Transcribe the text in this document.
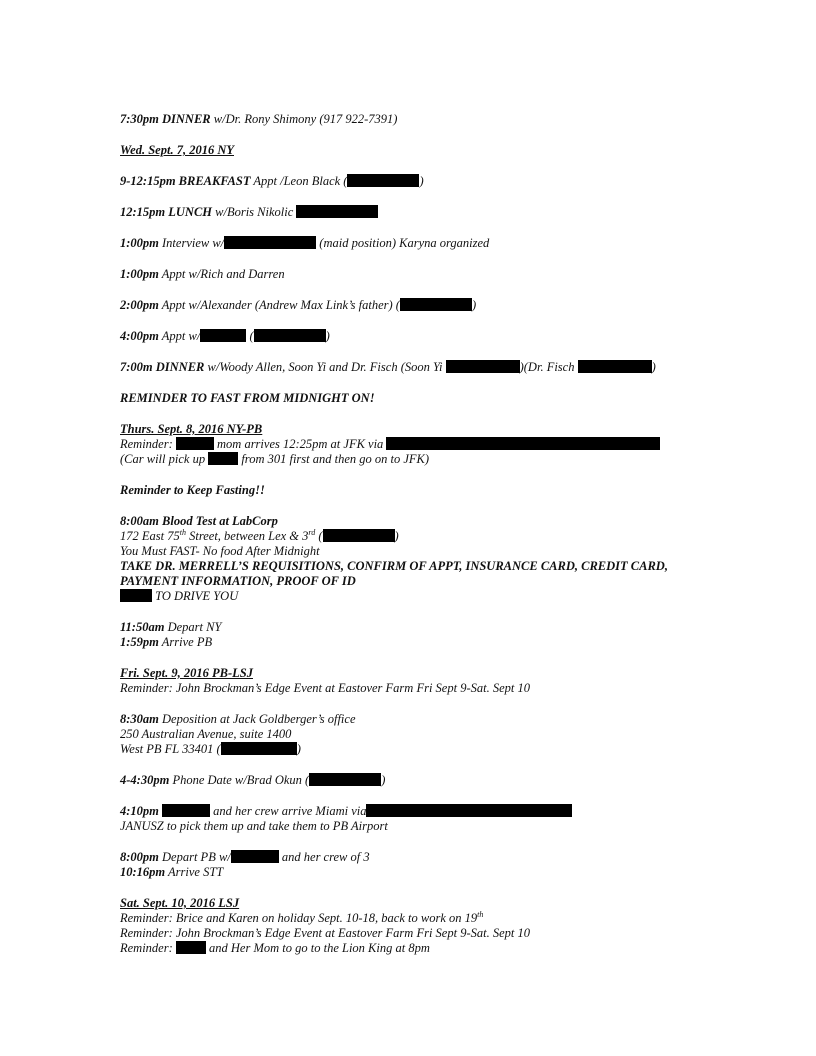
7:30pm DINNER w/Dr. Rony Shimony (917 922-7391)
Wed. Sept. 7, 2016 NY
9-12:15pm BREAKFAST Appt /Leon Black (	)
12:15pm LUNCH w/Boris Nikolic
1:00pm Interview w/	(maid position) Karyna organized
1:00pm Appt w/Rich and Darren
2:00pm Appt w/Alexander (Andrew Max Link’s father) (	)
4:00pm Appt w/	(	)
7:00m DINNER w/Woody Allen, Soon Yi and Dr. Fisch (Soon Yi	)(Dr. Fisch	)
REMINDER TO FAST FROM MIDNIGHT ON!
Thurs. Sept. 8, 2016 NY-PB
Reminder:	mom arrives 12:25pm at JFK via
(Car will pick up  from 301 first and then go on to JFK)
Reminder to Keep Fasting!!
8:00am Blood Test at LabCorp
172 East 75th Street, between Lex & 3rd (	)
You Must FAST- No food After Midnight
TAKE DR. MERRELL’S REQUISITIONS, CONFIRM OF APPT, INSURANCE CARD, CREDIT CARD, PAYMENT INFORMATION, PROOF OF ID
TO DRIVE YOU
11:50am Depart NY
1:59pm Arrive PB
Fri. Sept. 9, 2016 PB-LSJ
Reminder: John Brockman’s Edge Event at Eastover Farm Fri Sept 9-Sat. Sept 10
8:30am Deposition at Jack Goldberger’s office
250 Australian Avenue, suite 1400
West PB FL 33401 (	)
4-4:30pm Phone Date w/Brad Okun (	)
4:10pm	and her crew arrive Miami via
JANUSZ to pick them up and take them to PB Airport
8:00pm Depart PB w/	and her crew of 3
10:16pm Arrive STT
Sat. Sept. 10, 2016 LSJ
Reminder: Brice and Karen on holiday Sept. 10-18, back to work on 19th
Reminder: John Brockman’s Edge Event at Eastover Farm Fri Sept 9-Sat. Sept 10
Reminder:  and Her Mom to go to the Lion King at 8pm
